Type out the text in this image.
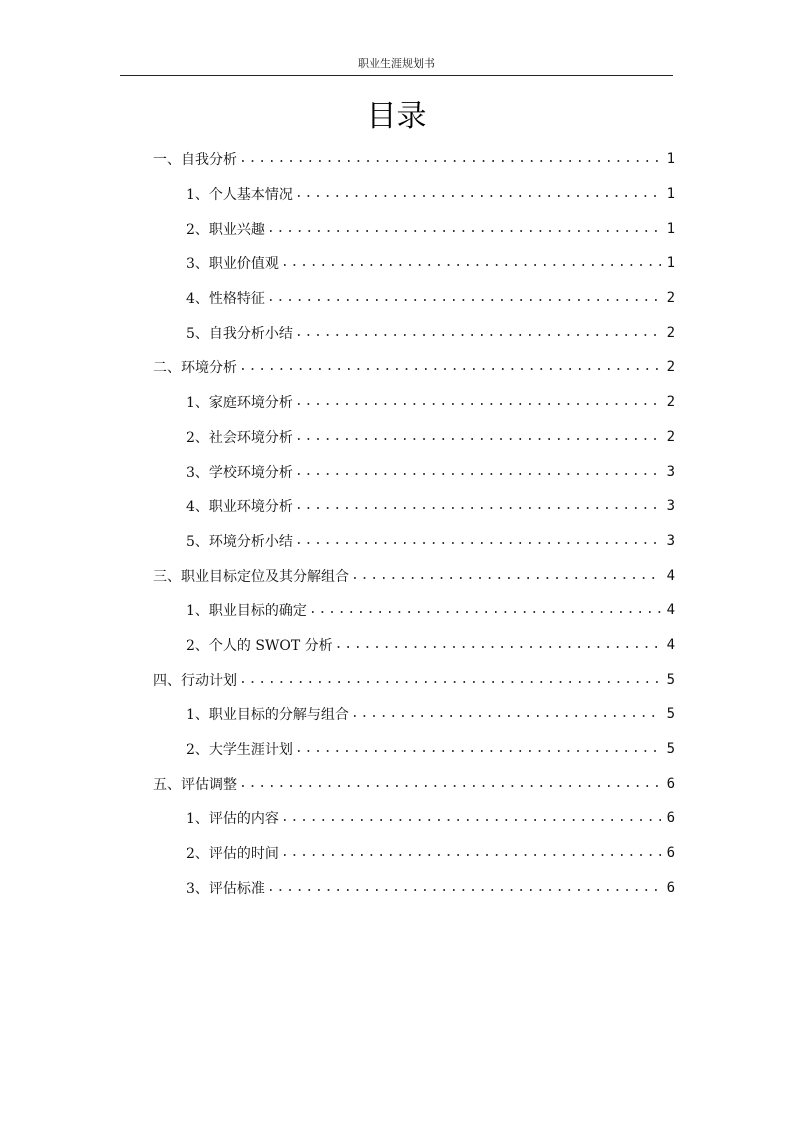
职业生涯规划书
目录
一、自我分析 .....	1
1、个人基本情况 .....	1
2、职业兴趣 .....	1
3、职业价值观 .....	1
4、性格特征 .....	2
5、自我分析小结 .....	2
二、环境分析 .....	2
1、家庭环境分析 .....	2
2、社会环境分析 .....	2
3、学校环境分析 .....	3
4、职业环境分析 .....	3
5、环境分析小结 .....	3
三、职业目标定位及其分解组合 .....	4
1、职业目标的确定 .....	4
2、个人的 SWOT 分析 .....	4
四、行动计划 .....	5
1、职业目标的分解与组合 .....	5
2、大学生涯计划 .....	5
五、评估调整 .....	6
1、评估的内容 .....	6
2、评估的时间 .....	6
3、评估标准 .....	6
